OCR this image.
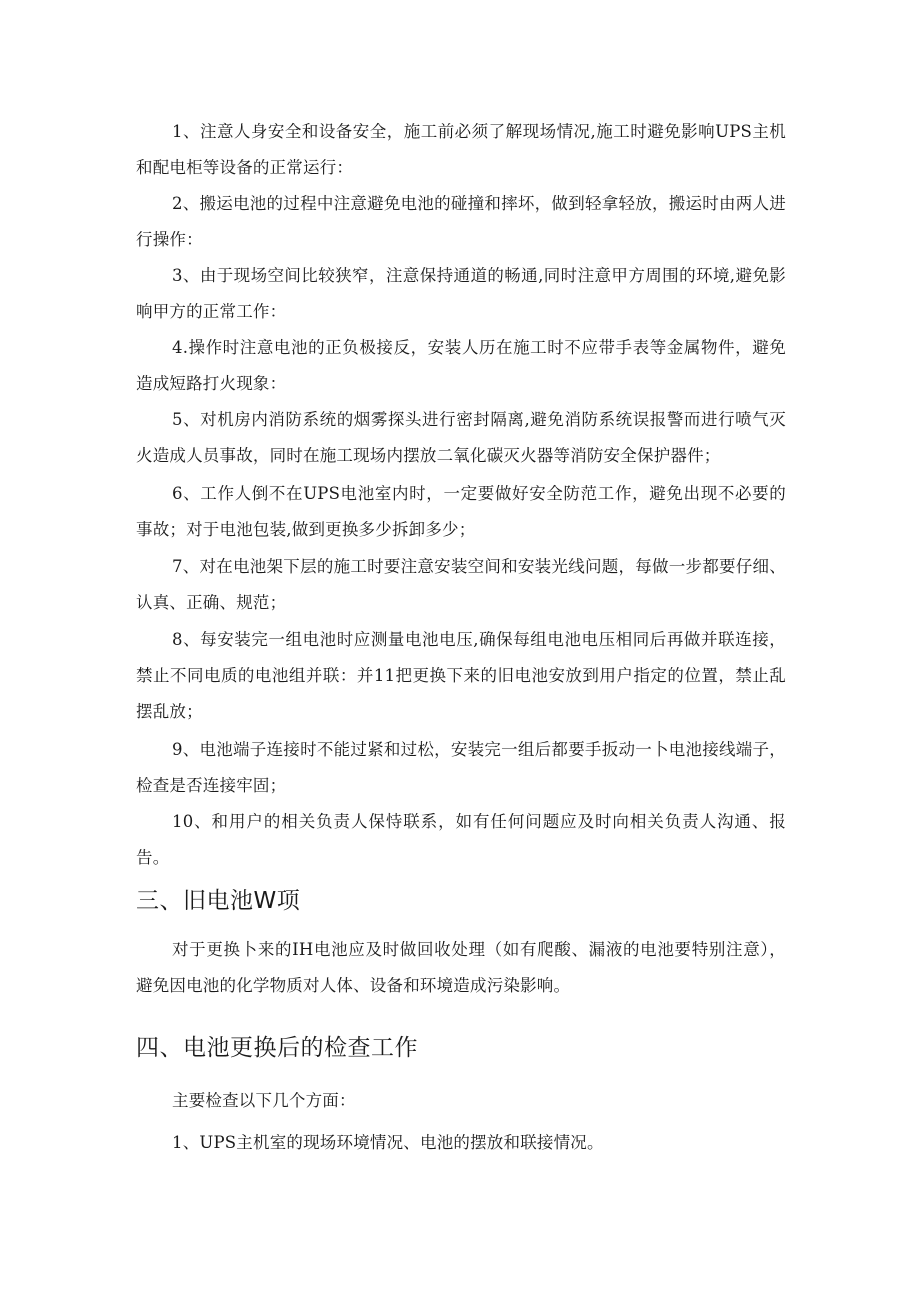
1、注意人身安全和设备安全，施工前必须了解现场情况,施工时避免影响UPS主机和配电柜等设备的正常运行：

2、搬运电池的过程中注意避免电池的碰撞和摔坏，做到轻拿轻放，搬运时由两人进行操作：

3、由于现场空间比较狭窄，注意保持通道的畅通,同时注意甲方周围的环境,避免影响甲方的正常工作：

4.操作时注意电池的正负极接反，安装人历在施工时不应带手表等金属物件，避免造成短路打火现象：

5、对机房内消防系统的烟雾探头进行密封隔离,避免消防系统误报警而进行喷气灭火造成人员事故，同时在施工现场内摆放二氧化碳灭火器等消防安全保护器件；

6、工作人倒不在UPS电池室内时，一定要做好安全防范工作，避免出现不必要的事故；对于电池包装,做到更换多少拆卸多少；

7、对在电池架下层的施工时要注意安装空间和安装光线问题，每做一步都要仔细、认真、正确、规范；

8、每安装完一组电池时应测量电池电压,确保每组电池电压相同后再做并联连接，禁止不同电质的电池组并联：并11把更换下来的旧电池安放到用户指定的位置，禁止乱摆乱放；

9、电池端子连接时不能过紧和过松，安装完一组后都要手扳动一卜电池接线端子，检查是否连接牢固；

10、和用户的相关负责人保恃联系，如有任何问题应及时向相关负责人沟通、报告。

三、旧电池W项

对于更换卜来的IH电池应及时做回收处理（如有爬酸、漏液的电池要特别注意），避免因电池的化学物质对人体、设备和环境造成污染影响。

四、电池更换后的检查工作

主要检查以下几个方面：

1、UPS主机室的现场环境情况、电池的摆放和联接情况。
